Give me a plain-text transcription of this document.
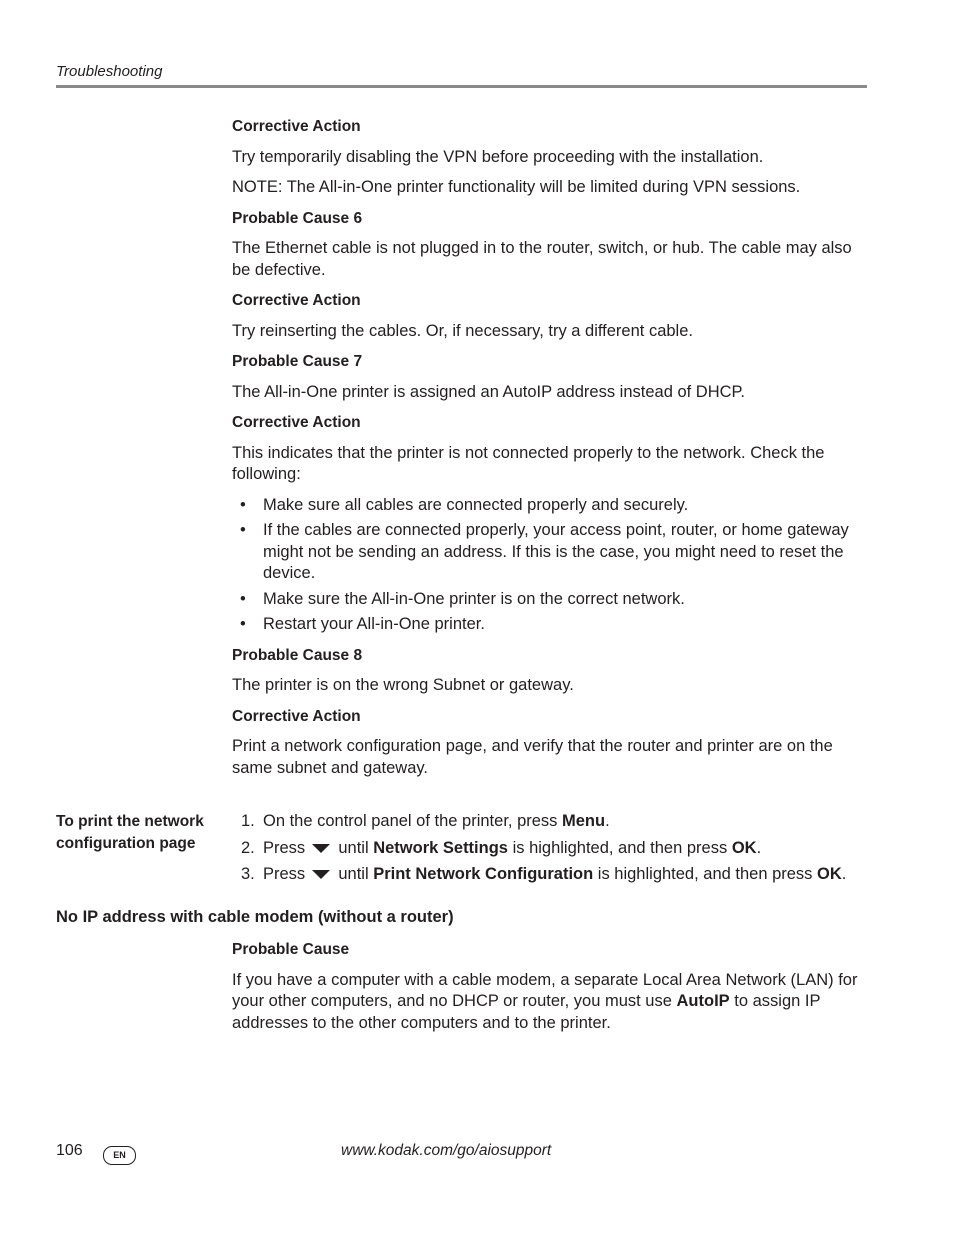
Troubleshooting
Corrective Action
Try temporarily disabling the VPN before proceeding with the installation.
NOTE: The All-in-One printer functionality will be limited during VPN sessions.
Probable Cause 6
The Ethernet cable is not plugged in to the router, switch, or hub. The cable may also be defective.
Corrective Action
Try reinserting the cables. Or, if necessary, try a different cable.
Probable Cause 7
The All-in-One printer is assigned an AutoIP address instead of DHCP.
Corrective Action
This indicates that the printer is not connected properly to the network. Check the following:
• Make sure all cables are connected properly and securely.
• If the cables are connected properly, your access point, router, or home gateway might not be sending an address. If this is the case, you might need to reset the device.
• Make sure the All-in-One printer is on the correct network.
• Restart your All-in-One printer.
Probable Cause 8
The printer is on the wrong Subnet or gateway.
Corrective Action
Print a network configuration page, and verify that the router and printer are on the same subnet and gateway.
To print the network
configuration page
1. On the control panel of the printer, press Menu.
2. Press  until Network Settings is highlighted, and then press OK.
3. Press  until Print Network Configuration is highlighted, and then press OK.
No IP address with cable modem (without a router)
Probable Cause
If you have a computer with a cable modem, a separate Local Area Network (LAN) for your other computers, and no DHCP or router, you must use AutoIP to assign IP addresses to the other computers and to the printer.
106	EN	www.kodak.com/go/aiosupport
